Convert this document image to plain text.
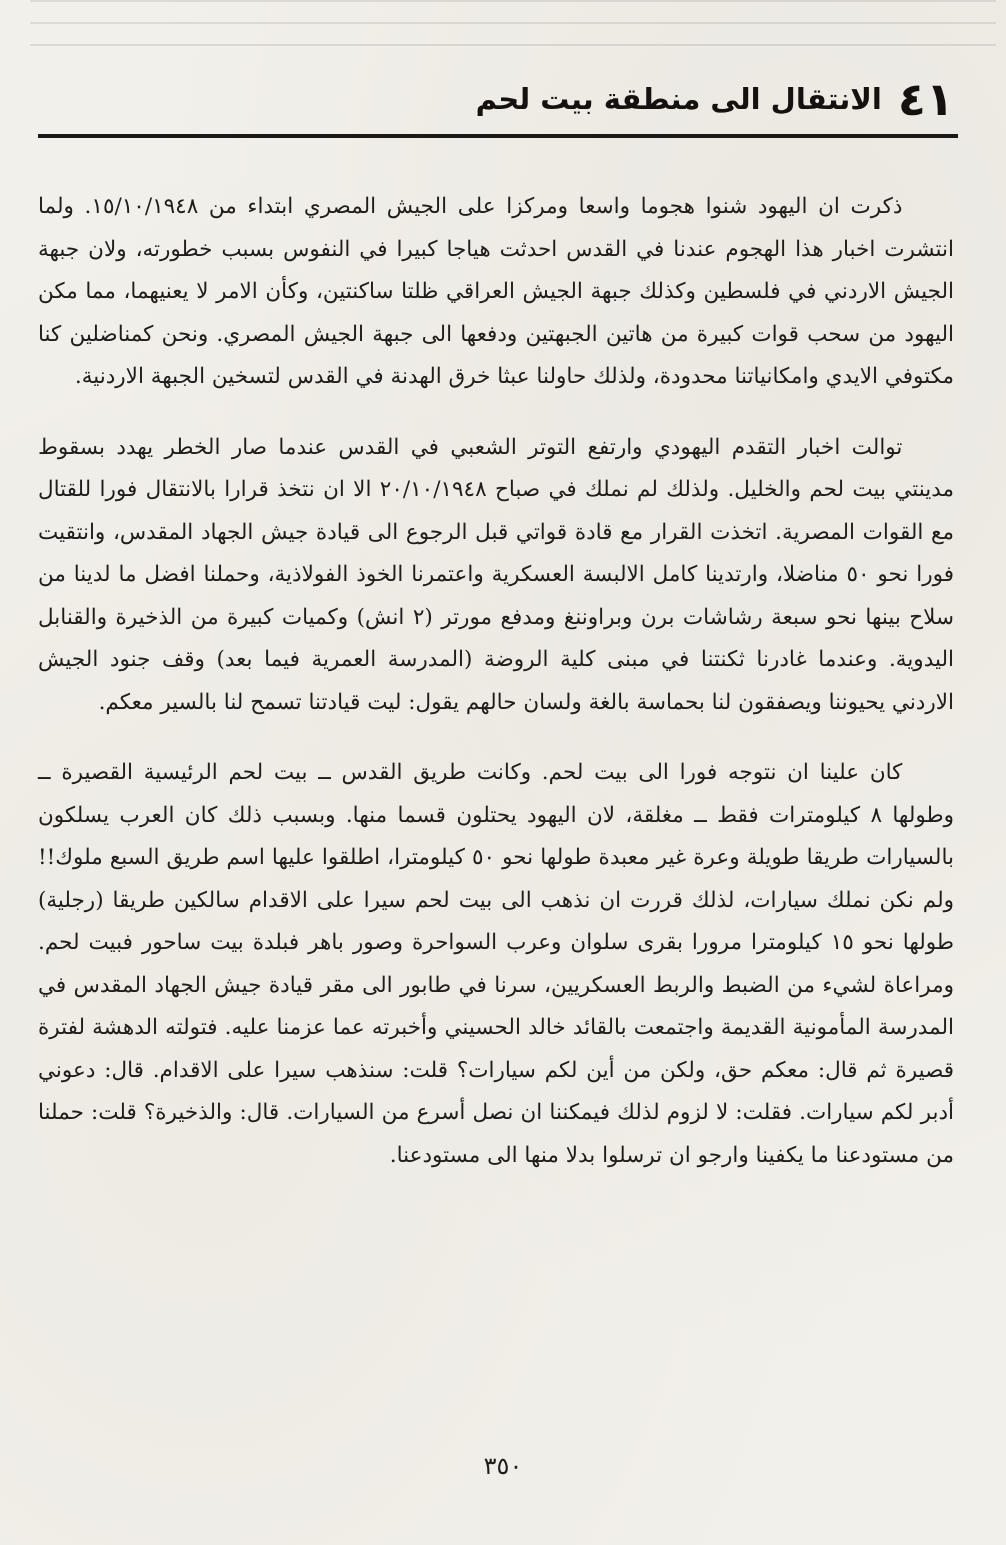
٤١
الانتقال الى منطقة بيت لحم

ذكرت ان اليهود شنوا هجوما واسعا ومركزا على الجيش المصري ابتداء من ١٥/١٠/١٩٤٨. ولما انتشرت اخبار هذا الهجوم عندنا في القدس احدثت هياجا كبيرا في النفوس بسبب خطورته، ولان جبهة الجيش الاردني في فلسطين وكذلك جبهة الجيش العراقي ظلتا ساكنتين، وكأن الامر لا يعنيهما، مما مكن اليهود من سحب قوات كبيرة من هاتين الجبهتين ودفعها الى جبهة الجيش المصري. ونحن كمناضلين كنا مكتوفي الايدي وامكانياتنا محدودة، ولذلك حاولنا عبثا خرق الهدنة في القدس لتسخين الجبهة الاردنية.

توالت اخبار التقدم اليهودي وارتفع التوتر الشعبي في القدس عندما صار الخطر يهدد بسقوط مدينتي بيت لحم والخليل. ولذلك لم نملك في صباح ٢٠/١٠/١٩٤٨ الا ان نتخذ قرارا بالانتقال فورا للقتال مع القوات المصرية. اتخذت القرار مع قادة قواتي قبل الرجوع الى قيادة جيش الجهاد المقدس، وانتقيت فورا نحو ٥٠ مناضلا، وارتدينا كامل الالبسة العسكرية واعتمرنا الخوذ الفولاذية، وحملنا افضل ما لدينا من سلاح بينها نحو سبعة رشاشات برن وبراوننغ ومدفع مورتر (٢ انش) وكميات كبيرة من الذخيرة والقنابل اليدوية. وعندما غادرنا ثكنتنا في مبنى كلية الروضة (المدرسة العمرية فيما بعد) وقف جنود الجيش الاردني يحيوننا ويصفقون لنا بحماسة بالغة ولسان حالهم يقول: ليت قيادتنا تسمح لنا بالسير معكم.

كان علينا ان نتوجه فورا الى بيت لحم. وكانت طريق القدس ــ بيت لحم الرئيسية القصيرة ــ وطولها ٨ كيلومترات فقط ــ مغلقة، لان اليهود يحتلون قسما منها. وبسبب ذلك كان العرب يسلكون بالسيارات طريقا طويلة وعرة غير معبدة طولها نحو ٥٠ كيلومترا، اطلقوا عليها اسم طريق السبع ملوك!! ولم نكن نملك سيارات، لذلك قررت ان نذهب الى بيت لحم سيرا على الاقدام سالكين طريقا (رجلية) طولها نحو ١٥ كيلومترا مرورا بقرى سلوان وعرب السواحرة وصور باهر فبلدة بيت ساحور فبيت لحم. ومراعاة لشيء من الضبط والربط العسكريين، سرنا في طابور الى مقر قيادة جيش الجهاد المقدس في المدرسة المأمونية القديمة واجتمعت بالقائد خالد الحسيني وأخبرته عما عزمنا عليه. فتولته الدهشة لفترة قصيرة ثم قال: معكم حق، ولكن من أين لكم سيارات؟ قلت: سنذهب سيرا على الاقدام. قال: دعوني أدبر لكم سيارات. فقلت: لا لزوم لذلك فيمكننا ان نصل أسرع من السيارات. قال: والذخيرة؟ قلت: حملنا من مستودعنا ما يكفينا وارجو ان ترسلوا بدلا منها الى مستودعنا.

٣٥٠
